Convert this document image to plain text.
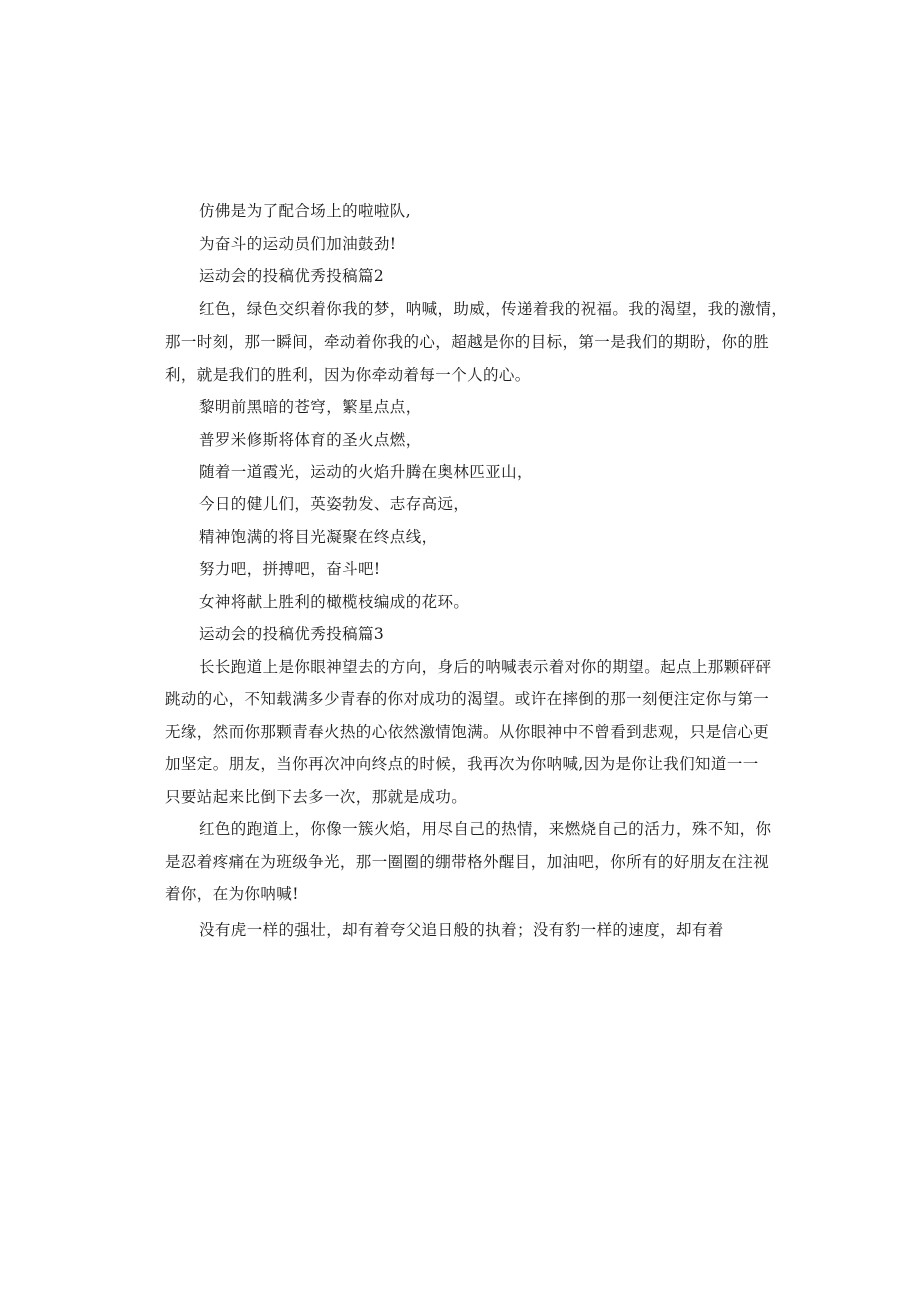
仿佛是为了配合场上的啦啦队,
为奋斗的运动员们加油鼓劲!
运动会的投稿优秀投稿篇2
红色，绿色交织着你我的梦，呐喊，助威，传递着我的祝福。我的渴望，我的激情，
那一时刻，那一瞬间，牵动着你我的心，超越是你的目标，第一是我们的期盼，你的胜
利，就是我们的胜利，因为你牵动着每一个人的心。
黎明前黑暗的苍穹，繁星点点，
普罗米修斯将体育的圣火点燃，
随着一道霞光，运动的火焰升腾在奥林匹亚山，
今日的健儿们，英姿勃发、志存高远，
精神饱满的将目光凝聚在终点线，
努力吧，拼搏吧，奋斗吧!
女神将献上胜利的橄榄枝编成的花环。
运动会的投稿优秀投稿篇3
长长跑道上是你眼神望去的方向，身后的呐喊表示着对你的期望。起点上那颗砰砰
跳动的心，不知载满多少青春的你对成功的渴望。或许在摔倒的那一刻便注定你与第一
无缘，然而你那颗青春火热的心依然激情饱满。从你眼神中不曾看到悲观，只是信心更
加坚定。朋友，当你再次冲向终点的时候，我再次为你呐喊,因为是你让我们知道一一
只要站起来比倒下去多一次，那就是成功。
红色的跑道上，你像一簇火焰，用尽自己的热情，来燃烧自己的活力，殊不知，你
是忍着疼痛在为班级争光，那一圈圈的绷带格外醒目，加油吧，你所有的好朋友在注视
着你，在为你呐喊!
没有虎一样的强壮，却有着夸父追日般的执着；没有豹一样的速度，却有着
